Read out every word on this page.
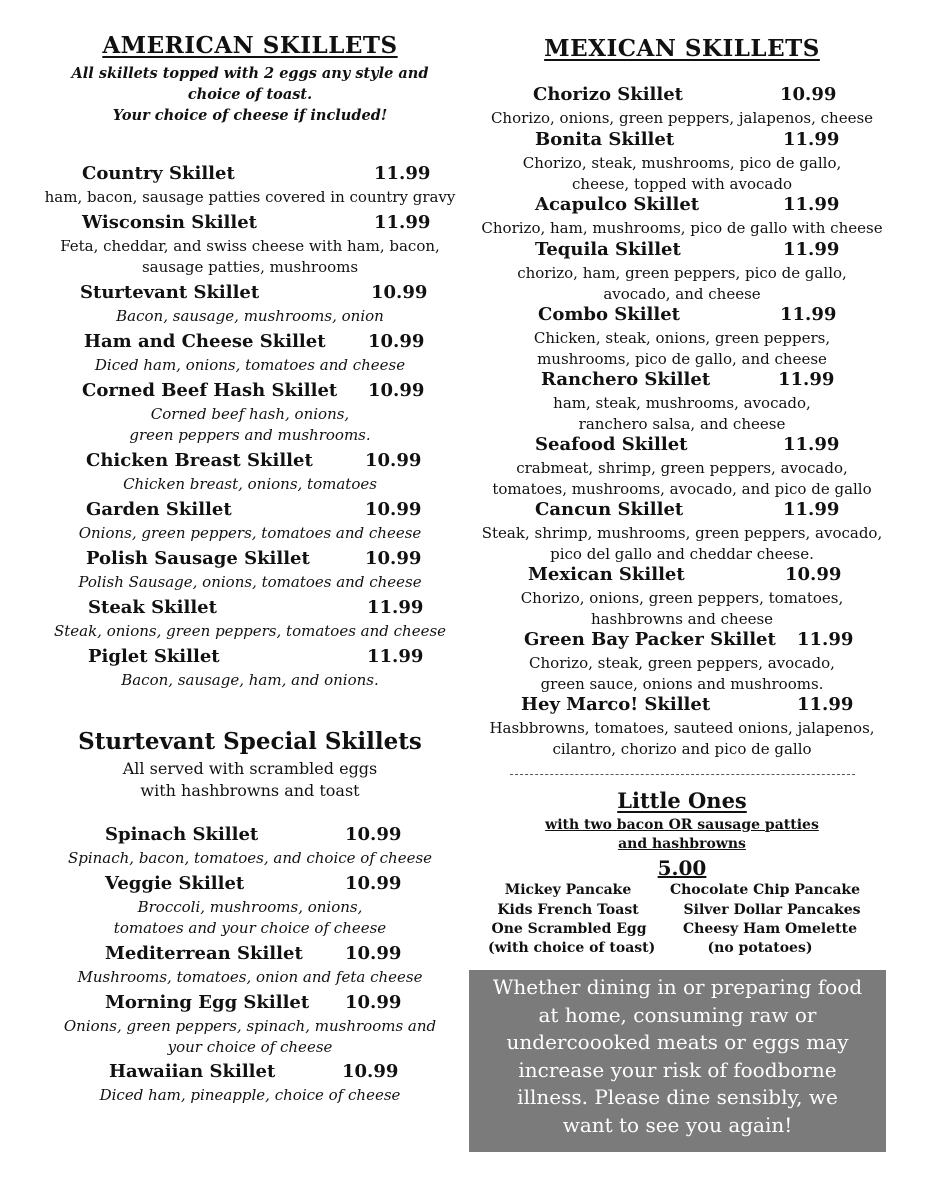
AMERICAN SKILLETS
All skillets topped with 2 eggs any style and
choice of toast.
Your choice of cheese if included!
Country Skillet	11.99
ham, bacon, sausage patties covered in country gravy
Wisconsin Skillet	11.99
Feta, cheddar, and swiss cheese with ham, bacon,
sausage patties, mushrooms
Sturtevant Skillet	10.99
Bacon, sausage, mushrooms, onion
Ham and Cheese Skillet 10.99
Diced ham, onions, tomatoes and cheese
Corned Beef Hash Skillet 10.99
Corned beef hash, onions,
green peppers and mushrooms.
Chicken Breast Skillet	10.99
Chicken breast, onions, tomatoes
Garden Skillet	10.99
Onions, green peppers, tomatoes and cheese
Polish Sausage Skillet	10.99
Polish Sausage, onions, tomatoes and cheese
Steak Skillet	11.99
Steak, onions, green peppers, tomatoes and cheese
Piglet Skillet	11.99
Bacon, sausage, ham, and onions.
Sturtevant Special Skillets
All served with scrambled eggs
with hashbrowns and toast
Spinach Skillet	10.99
Spinach, bacon, tomatoes, and choice of cheese
Veggie Skillet	10.99
Broccoli, mushrooms, onions,
tomatoes and your choice of cheese
Mediterrean Skillet 10.99
Mushrooms, tomatoes, onion and feta cheese
Morning Egg Skillet 10.99
Onions, green peppers, spinach, mushrooms and
your choice of cheese
Hawaiian Skillet	10.99
Diced ham, pineapple, choice of cheese
MEXICAN SKILLETS
Chorizo Skillet	10.99
Chorizo, onions, green peppers, jalapenos, cheese
Bonita Skillet	11.99
Chorizo, steak, mushrooms, pico de gallo,
cheese, topped with avocado
Acapulco Skillet	11.99
Chorizo, ham, mushrooms, pico de gallo with cheese
Tequila Skillet	11.99
chorizo, ham, green peppers, pico de gallo,
avocado, and cheese
Combo Skillet	11.99
Chicken, steak, onions, green peppers,
mushrooms, pico de gallo, and cheese
Ranchero Skillet	11.99
ham, steak, mushrooms, avocado,
ranchero salsa, and cheese
Seafood Skillet	11.99
crabmeat, shrimp, green peppers, avocado,
tomatoes, mushrooms, avocado, and pico de gallo
Cancun Skillet	11.99
Steak, shrimp, mushrooms, green peppers, avocado,
pico del gallo and cheddar cheese.
Mexican Skillet	10.99
Chorizo, onions, green peppers, tomatoes,
hashbrowns and cheese
Green Bay Packer Skillet 11.99
Chorizo, steak, green peppers, avocado,
green sauce, onions and mushrooms.
Hey Marco! Skillet	11.99
Hasbbrowns, tomatoes, sauteed onions, jalapenos,
cilantro, chorizo and pico de gallo
Little Ones
with two bacon OR sausage patties
and hashbrowns
5.00
Mickey Pancake
Kids French Toast
One Scrambled Egg
(with choice of toast)
Chocolate Chip Pancake
Silver Dollar Pancakes
Cheesy Ham Omelette
(no potatoes)
Whether dining in or preparing food
at home, consuming raw or
undercoooked meats or eggs may
increase your risk of foodborne
illness. Please dine sensibly, we
want to see you again!
